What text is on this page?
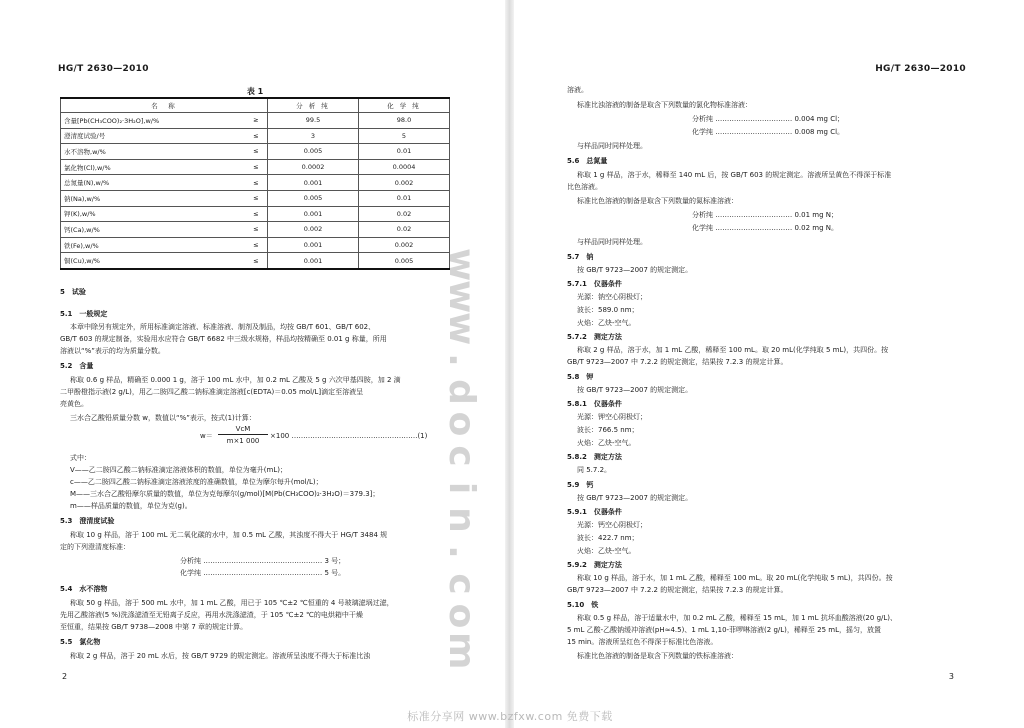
HG/T 2630—2010
表 1
名　称		分 析 纯	化 学 纯
含量[Pb(CH₃COO)₂·3H₂O],w/%	≥	99.5	98.0
澄清度试验/号	≤	3	5
水不溶物,w/%	≤	0.005	0.01
氯化物(Cl),w/%	≤	0.0002	0.0004
总氮量(N),w/%	≤	0.001	0.002
钠(Na),w/%	≤	0.005	0.01
钾(K),w/%	≤	0.001	0.02
钙(Ca),w/%	≤	0.002	0.02
铁(Fe),w/%	≤	0.001	0.002
铜(Cu),w/%	≤	0.001	0.005
5　试验
5.1　一般规定
本章中除另有规定外，所用标准滴定溶液、标准溶液、制剂及制品，均按 GB/T 601、GB/T 602、
GB/T 603 的规定制备，实验用水应符合 GB/T 6682 中三级水规格，样品均按精确至 0.01 g 称量，所用
溶液以“%”表示的均为质量分数。
5.2　含量
称取 0.6 g 样品，精确至 0.000 1 g，溶于 100 mL 水中，加 0.2 mL 乙酸及 5 g 六次甲基四胺，加 2 滴
二甲酚橙指示液(2 g/L)，用乙二胺四乙酸二钠标准滴定溶液[c(EDTA)＝0.05 mol/L]滴定至溶液呈
亮黄色。
三水合乙酸铅质量分数 w，数值以“%”表示，按式(1)计算：
w＝
VcM
m×1 000
×100 ………………………………………………(1)
式中：
V——乙二胺四乙酸二钠标准滴定溶液体积的数值，单位为毫升(mL)；
c——乙二胺四乙酸二钠标准滴定溶液浓度的准确数值，单位为摩尔每升(mol/L)；
M——三水合乙酸铅摩尔质量的数值，单位为克每摩尔(g/mol)[M(Pb(CH₃COO)₂·3H₂O)＝379.3]；
m——样品质量的数值，单位为克(g)。
5.3　澄清度试验
称取 10 g 样品，溶于 100 mL 无二氧化碳的水中，加 0.5 mL 乙酸，其浊度不得大于 HG/T 3484 规
定的下列澄清度标准：
分析纯 …………………………………………… 3 号；
化学纯 …………………………………………… 5 号。
5.4　水不溶物
称取 50 g 样品，溶于 500 mL 水中，加 1 mL 乙酸，用已于 105 ℃±2 ℃恒重的 4 号玻璃滤埚过滤，
先用乙酸溶液(5 %)洗涤滤渣至无铅离子反应，再用水洗涤滤渣，于 105 ℃±2 ℃的电烘箱中干燥
至恒重，结果按 GB/T 9738—2008 中第 7 章的规定计算。
5.5　氯化物
称取 2 g 样品，溶于 20 mL 水后，按 GB/T 9729 的规定测定。溶液所呈浊度不得大于标准比浊
2
HG/T 2630—2010
溶液。
标准比浊溶液的制备是取含下列数量的氯化物标准溶液：
分析纯 …………………………… 0.004 mg Cl；
化学纯 …………………………… 0.008 mg Cl。
与样品同时同样处理。
5.6　总氮量
称取 1 g 样品，溶于水，稀释至 140 mL 后，按 GB/T 603 的规定测定。溶液所呈黄色不得深于标准
比色溶液。
标准比色溶液的制备是取含下列数量的氮标准溶液：
分析纯 …………………………… 0.01 mg N；
化学纯 …………………………… 0.02 mg N。
与样品同时同样处理。
5.7　钠
按 GB/T 9723—2007 的规定测定。
5.7.1　仪器条件
光源：钠空心阴极灯；
波长：589.0 nm；
火焰：乙炔-空气。
5.7.2　测定方法
称取 2 g 样品，溶于水，加 1 mL 乙酸，稀释至 100 mL。取 20 mL(化学纯取 5 mL)，共四份。按
GB/T 9723—2007 中 7.2.2 的规定测定，结果按 7.2.3 的规定计算。
5.8　钾
按 GB/T 9723—2007 的规定测定。
5.8.1　仪器条件
光源：钾空心阴极灯；
波长：766.5 nm；
火焰：乙炔-空气。
5.8.2　测定方法
同 5.7.2。
5.9　钙
按 GB/T 9723—2007 的规定测定。
5.9.1　仪器条件
光源：钙空心阴极灯；
波长：422.7 nm；
火焰：乙炔-空气。
5.9.2　测定方法
称取 10 g 样品，溶于水，加 1 mL 乙酸，稀释至 100 mL。取 20 mL(化学纯取 5 mL)，共四份。按
GB/T 9723—2007 中 7.2.2 的规定测定，结果按 7.2.3 的规定计算。
5.10　铁
称取 0.5 g 样品，溶于适量水中，加 0.2 mL 乙酸，稀释至 15 mL，加 1 mL 抗坏血酸溶液(20 g/L)、
5 mL 乙酸-乙酸钠缓冲溶液(pH≈4.5)、1 mL 1,10-菲啰啉溶液(2 g/L)，稀释至 25 mL，摇匀，放置
15 min。溶液所呈红色不得深于标准比色溶液。
标准比色溶液的制备是取含下列数量的铁标准溶液：
3
w
w
w
.
d
o
c
i
n
.
c
o
m
标准分享网 www.bzfxw.com 免费下载
